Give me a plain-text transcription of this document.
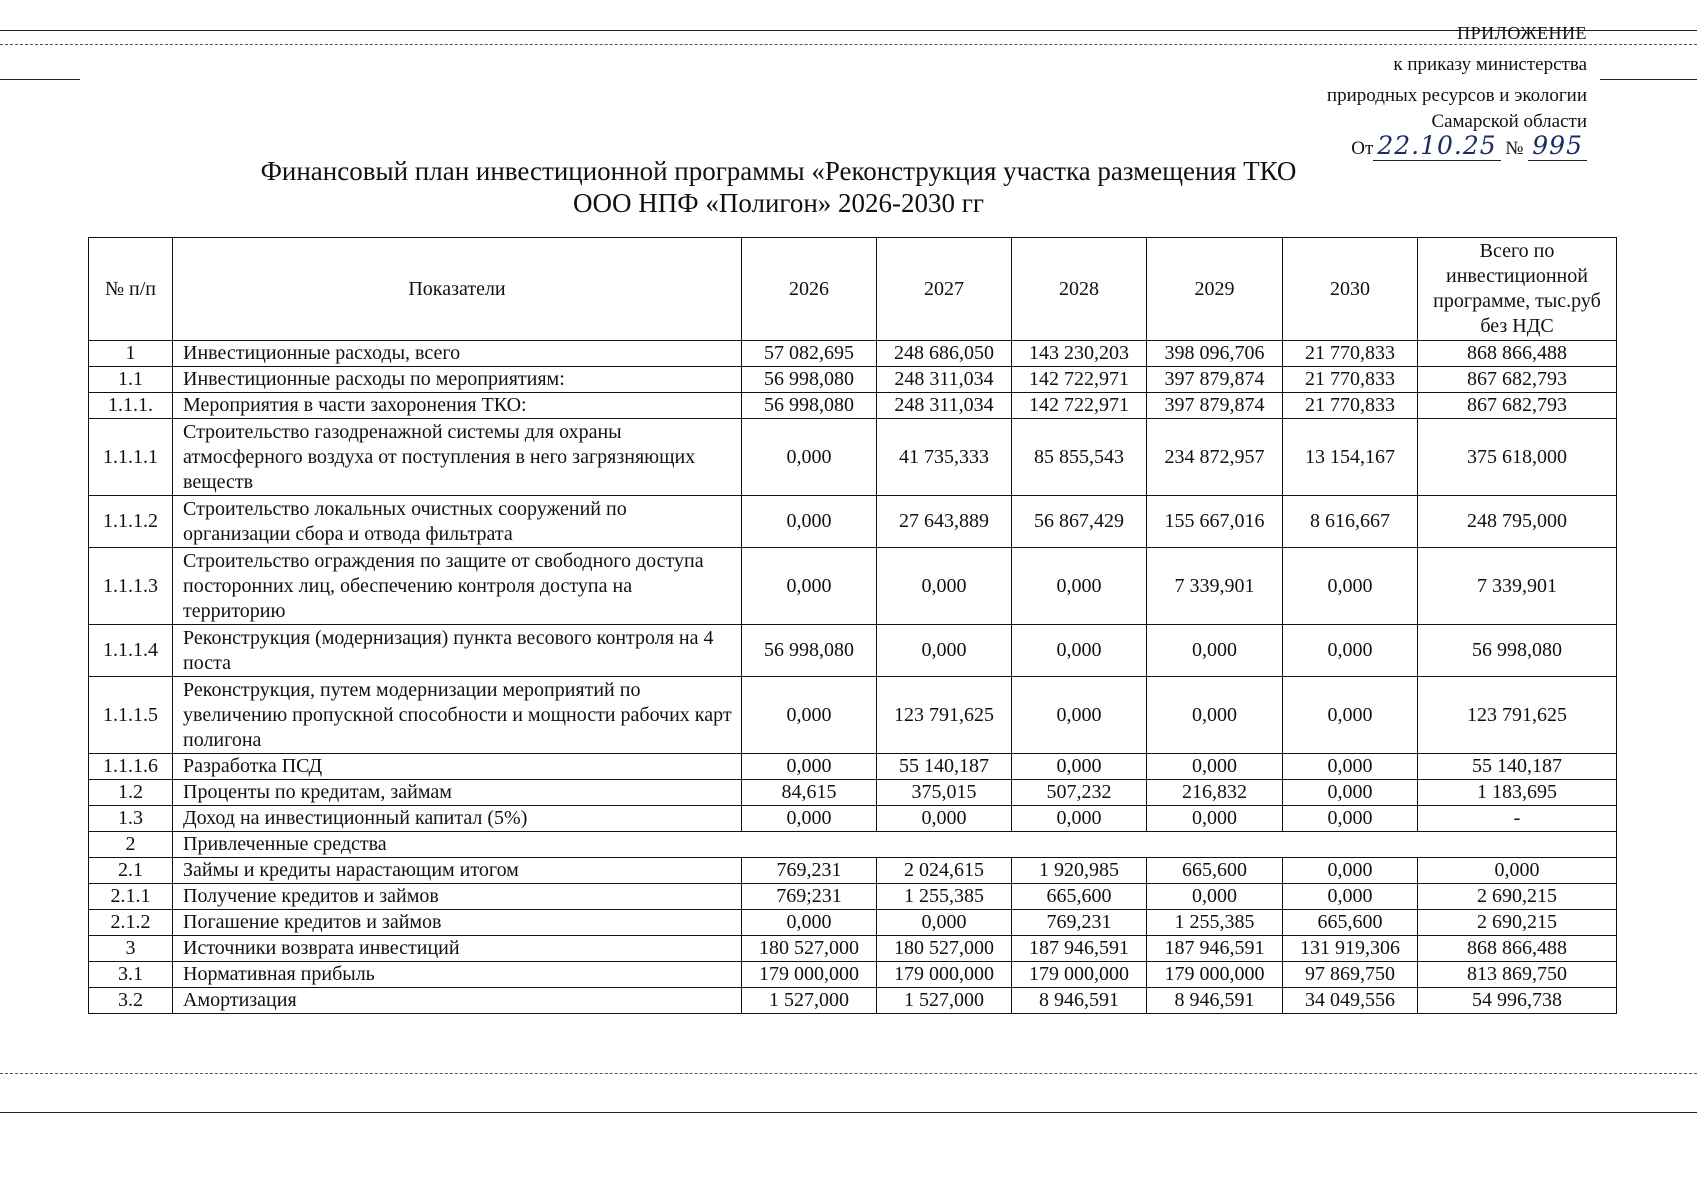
ПРИЛОЖЕНИЕ
к приказу министерства
природных ресурсов и экологии
Самарской области
От 22.10.25 № 995
Финансовый план инвестиционной программы «Реконструкция участка размещения ТКО
ООО НПФ «Полигон» 2026-2030 гг
№ п/п	Показатели	2026	2027	2028	2029	2030	Всего по инвестиционной программе, тыс.руб без НДС
1	Инвестиционные расходы, всего	57 082,695	248 686,050	143 230,203	398 096,706	21 770,833	868 866,488
1.1	Инвестиционные расходы по мероприятиям:	56 998,080	248 311,034	142 722,971	397 879,874	21 770,833	867 682,793
1.1.1.	Мероприятия в части захоронения ТКО:	56 998,080	248 311,034	142 722,971	397 879,874	21 770,833	867 682,793
1.1.1.1	Строительство газодренажной системы для охраны атмосферного воздуха от поступления в него загрязняющих веществ	0,000	41 735,333	85 855,543	234 872,957	13 154,167	375 618,000
1.1.1.2	Строительство локальных очистных сооружений по организации сбора и отвода фильтрата	0,000	27 643,889	56 867,429	155 667,016	8 616,667	248 795,000
1.1.1.3	Строительство ограждения по защите от свободного доступа посторонних лиц, обеспечению контроля доступа на территорию	0,000	0,000	0,000	7 339,901	0,000	7 339,901
1.1.1.4	Реконструкция (модернизация) пункта весового контроля на 4 поста	56 998,080	0,000	0,000	0,000	0,000	56 998,080
1.1.1.5	Реконструкция, путем модернизации мероприятий по увеличению пропускной способности и мощности рабочих карт полигона	0,000	123 791,625	0,000	0,000	0,000	123 791,625
1.1.1.6	Разработка ПСД	0,000	55 140,187	0,000	0,000	0,000	55 140,187
1.2	Проценты по кредитам, займам	84,615	375,015	507,232	216,832	0,000	1 183,695
1.3	Доход на инвестиционный капитал (5%)	0,000	0,000	0,000	0,000	0,000	-
2	Привлеченные средства						
2.1	Займы и кредиты нарастающим итогом	769,231	2 024,615	1 920,985	665,600	0,000	0,000
2.1.1	Получение кредитов и займов	769;231	1 255,385	665,600	0,000	0,000	2 690,215
2.1.2	Погашение кредитов и займов	0,000	0,000	769,231	1 255,385	665,600	2 690,215
3	Источники возврата инвестиций	180 527,000	180 527,000	187 946,591	187 946,591	131 919,306	868 866,488
3.1	Нормативная прибыль	179 000,000	179 000,000	179 000,000	179 000,000	97 869,750	813 869,750
3.2	Амортизация	1 527,000	1 527,000	8 946,591	8 946,591	34 049,556	54 996,738
